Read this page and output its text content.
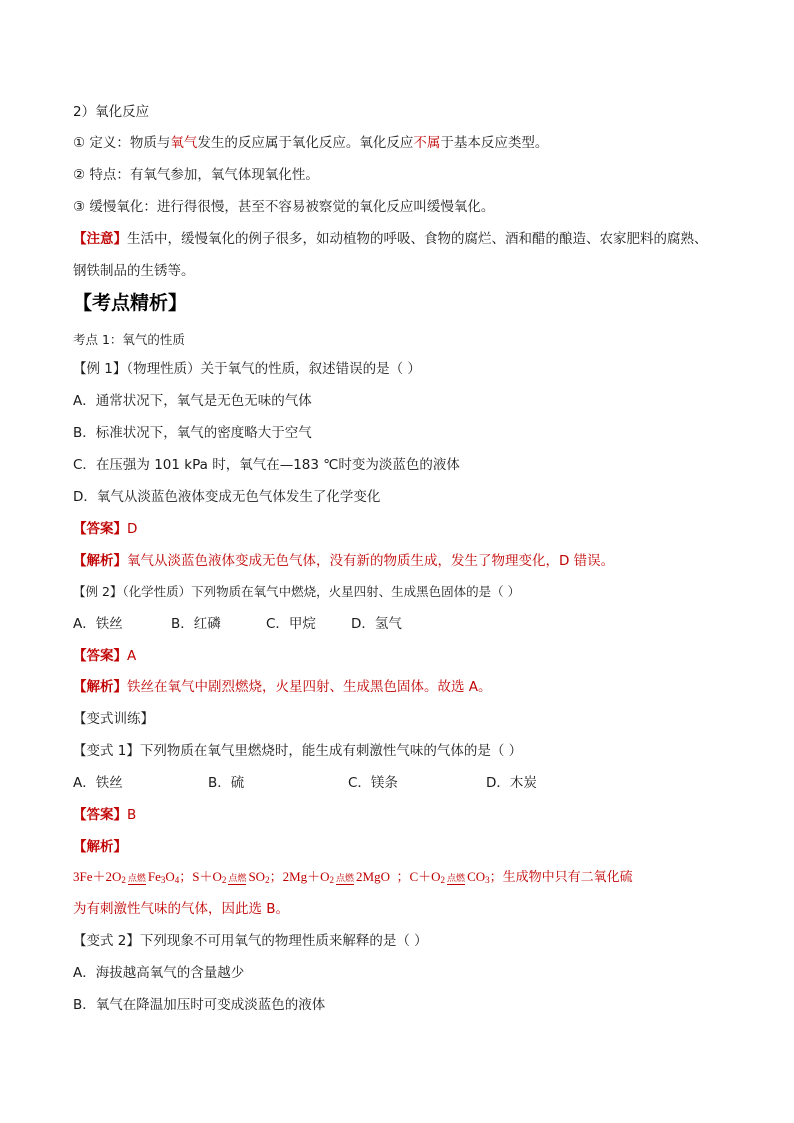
2）氧化反应
① 定义：物质与氧气发生的反应属于氧化反应。氧化反应不属于基本反应类型。
② 特点：有氧气参加，氧气体现氧化性。
③ 缓慢氧化：进行得很慢，甚至不容易被察觉的氧化反应叫缓慢氧化。
【注意】生活中，缓慢氧化的例子很多，如动植物的呼吸、食物的腐烂、酒和醋的酿造、农家肥料的腐熟、
钢铁制品的生锈等。
【考点精析】
考点 1：氧气的性质
【例 1】（物理性质）关于氧气的性质，叙述错误的是（ ）
A．通常状况下，氧气是无色无味的气体
B．标准状况下，氧气的密度略大于空气
C．在压强为 101 kPa 时，氧气在—183 ℃时变为淡蓝色的液体
D．氧气从淡蓝色液体变成无色气体发生了化学变化
【答案】D
【解析】氧气从淡蓝色液体变成无色气体，没有新的物质生成，发生了物理变化，D 错误。
【例 2】（化学性质）下列物质在氧气中燃烧，火星四射、生成黑色固体的是（ ）
A．铁丝	B．红磷	C．甲烷	D．氢气
【答案】A
【解析】铁丝在氧气中剧烈燃烧，火星四射、生成黑色固体。故选 A。
【变式训练】
【变式 1】下列物质在氧气里燃烧时，能生成有刺激性气味的气体的是（ ）
A．铁丝	B．硫	C．镁条	D．木炭
【答案】B
【解析】
$3Fe+2O_2$ 点燃 $Fe_3O_4$；$S+O_2$ 点燃 $SO_2$；$2Mg+O_2$ 点燃 2MgO ；$C+O_2$ 点燃 $CO_3$；生成物中只有二氧化硫
为有刺激性气味的气体，因此选 B。
【变式 2】下列现象不可用氧气的物理性质来解释的是（ ）
A．海拔越高氧气的含量越少
B．氧气在降温加压时可变成淡蓝色的液体
